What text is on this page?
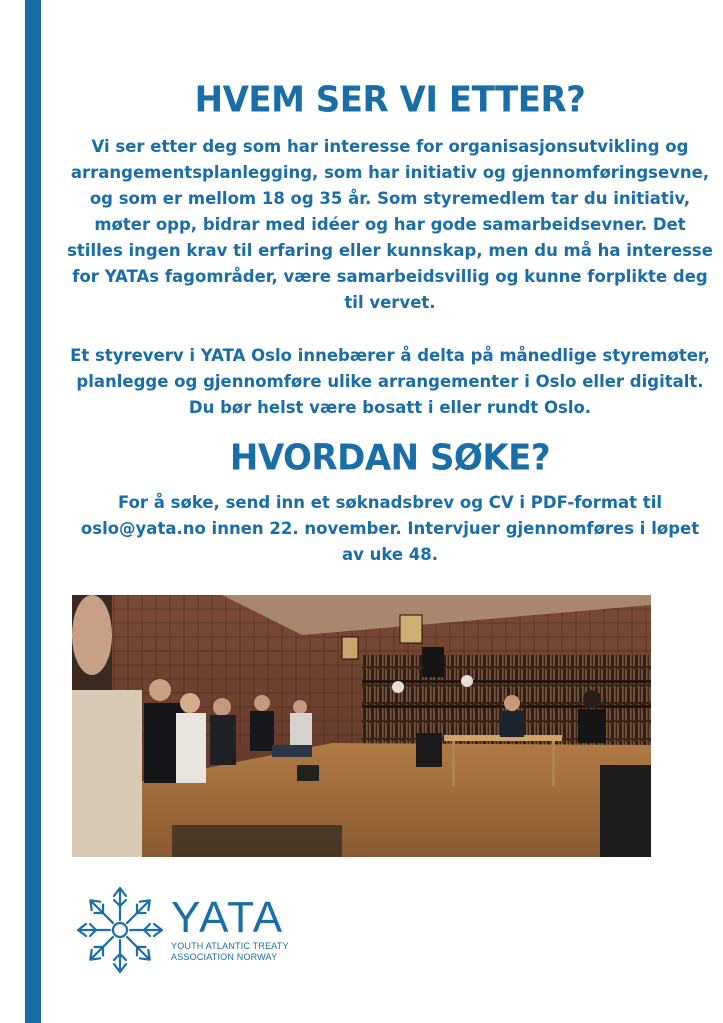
HVEM SER VI ETTER?
Vi ser etter deg som har interesse for organisasjonsutvikling og
arrangementsplanlegging, som har initiativ og gjennomføringsevne,
og som er mellom 18 og 35 år. Som styremedlem tar du initiativ,
møter opp, bidrar med idéer og har gode samarbeidsevner. Det
stilles ingen krav til erfaring eller kunnskap, men du må ha interesse
for YATAs fagområder, være samarbeidsvillig og kunne forplikte deg
til vervet.
Et styreverv i YATA Oslo innebærer å delta på månedlige styremøter,
planlegge og gjennomføre ulike arrangementer i Oslo eller digitalt.
Du bør helst være bosatt i eller rundt Oslo.
HVORDAN SØKE?
For å søke, send inn et søknadsbrev og CV i PDF-format til
oslo@yata.no innen 22. november. Intervjuer gjennomføres i løpet
av uke 48.
YATA
YOUTH ATLANTIC TREATY
ASSOCIATION NORWAY
